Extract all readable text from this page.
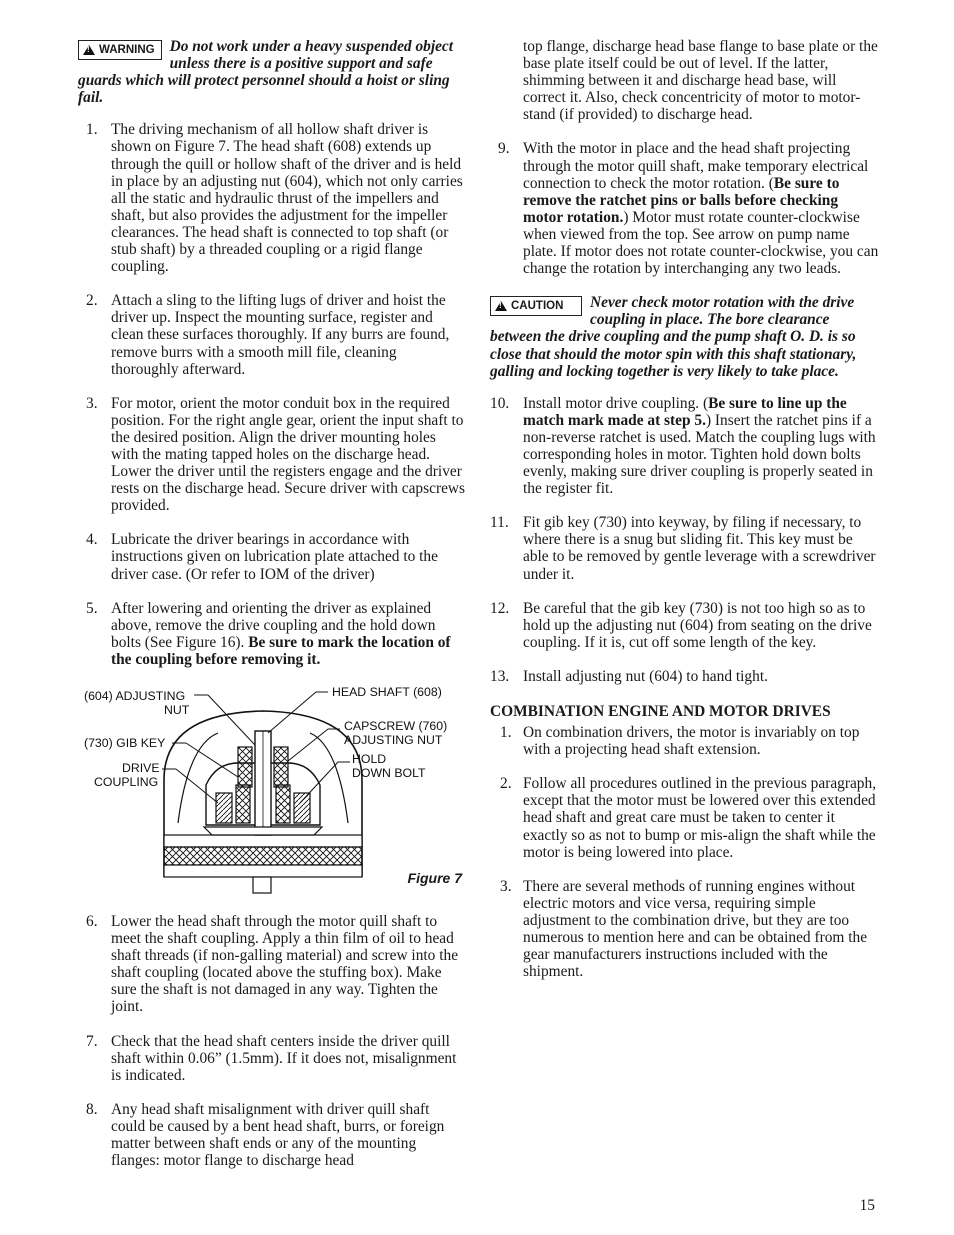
!
WARNING Do not work under a heavy suspended object unless there is a positive support and safe guards which will protect personnel should a hoist or sling fail.
1. The driving mechanism of all hollow shaft driver is shown on Figure 7. The head shaft (608) extends up through the quill or hollow shaft of the driver and is held in place by an adjusting nut (604), which not only carries all the static and hydraulic thrust of the impellers and shaft, but also provides the adjustment for the impeller clearances. The head shaft is connected to top shaft (or stub shaft) by a threaded coupling or a rigid flange coupling.
2. Attach a sling to the lifting lugs of driver and hoist the driver up. Inspect the mounting surface, register and clean these surfaces thoroughly. If any burrs are found, remove burrs with a smooth mill file, cleaning thoroughly afterward.
3. For motor, orient the motor conduit box in the required position. For the right angle gear, orient the input shaft to the desired position. Align the driver mounting holes with the mating tapped holes on the discharge head. Lower the driver until the registers engage and the driver rests on the discharge head. Secure driver with capscrews provided.
4. Lubricate the driver bearings in accordance with instructions given on lubrication plate attached to the driver case. (Or refer to IOM of the driver)
5. After lowering and orienting the driver as explained above, remove the drive coupling and the hold down bolts (See Figure 16). Be sure to mark the location of the coupling before removing it.
(604) ADJUSTING
NUT
(730) GIB KEY
DRIVE
COUPLING
HEAD SHAFT (608)
CAPSCREW (760)
ADJUSTING NUT
HOLD
DOWN BOLT
Figure 7
6. Lower the head shaft through the motor quill shaft to meet the shaft coupling. Apply a thin film of oil to head shaft threads (if non-galling material) and screw into the shaft coupling (located above the stuffing box). Make sure the shaft is not damaged in any way. Tighten the joint.
7. Check that the head shaft centers inside the driver quill shaft within 0.06” (1.5mm). If it does not, misalignment is indicated.
8. Any head shaft misalignment with driver quill shaft could be caused by a bent head shaft, burrs, or foreign matter between shaft ends or any of the mounting flanges: motor flange to discharge head
top flange, discharge head base flange to base plate or the base plate itself could be out of level. If the latter, shimming between it and discharge head base, will correct it. Also, check concentricity of motor to motor-stand (if provided) to discharge head.
9. With the motor in place and the head shaft projecting through the motor quill shaft, make temporary electrical connection to check the motor rotation. (Be sure to remove the ratchet pins or balls before checking motor rotation.) Motor must rotate counter-clockwise when viewed from the top. See arrow on pump name plate. If motor does not rotate counter-clockwise, you can change the rotation by interchanging any two leads.
!
CAUTION Never check motor rotation with the drive coupling in place. The bore clearance between the drive coupling and the pump shaft O. D. is so close that should the motor spin with this shaft stationary, galling and locking together is very likely to take place.
10. Install motor drive coupling. (Be sure to line up the match mark made at step 5.) Insert the ratchet pins if a non-reverse ratchet is used. Match the coupling lugs with corresponding holes in motor. Tighten hold down bolts evenly, making sure driver coupling is properly seated in the register fit.
11. Fit gib key (730) into keyway, by filing if necessary, to where there is a snug but sliding fit. This key must be able to be removed by gentle leverage with a screwdriver under it.
12. Be careful that the gib key (730) is not too high so as to hold up the adjusting nut (604) from seating on the drive coupling. If it is, cut off some length of the key.
13. Install adjusting nut (604) to hand tight.
COMBINATION ENGINE AND MOTOR DRIVES
1. On combination drivers, the motor is invariably on top with a projecting head shaft extension.
2. Follow all procedures outlined in the previous paragraph, except that the motor must be lowered over this extended head shaft and great care must be taken to center it exactly so as not to bump or mis-align the shaft while the motor is being lowered into place.
3. There are several methods of running engines without electric motors and vice versa, requiring simple adjustment to the combination drive, but they are too numerous to mention here and can be obtained from the gear manufacturers instructions included with the shipment.
15
